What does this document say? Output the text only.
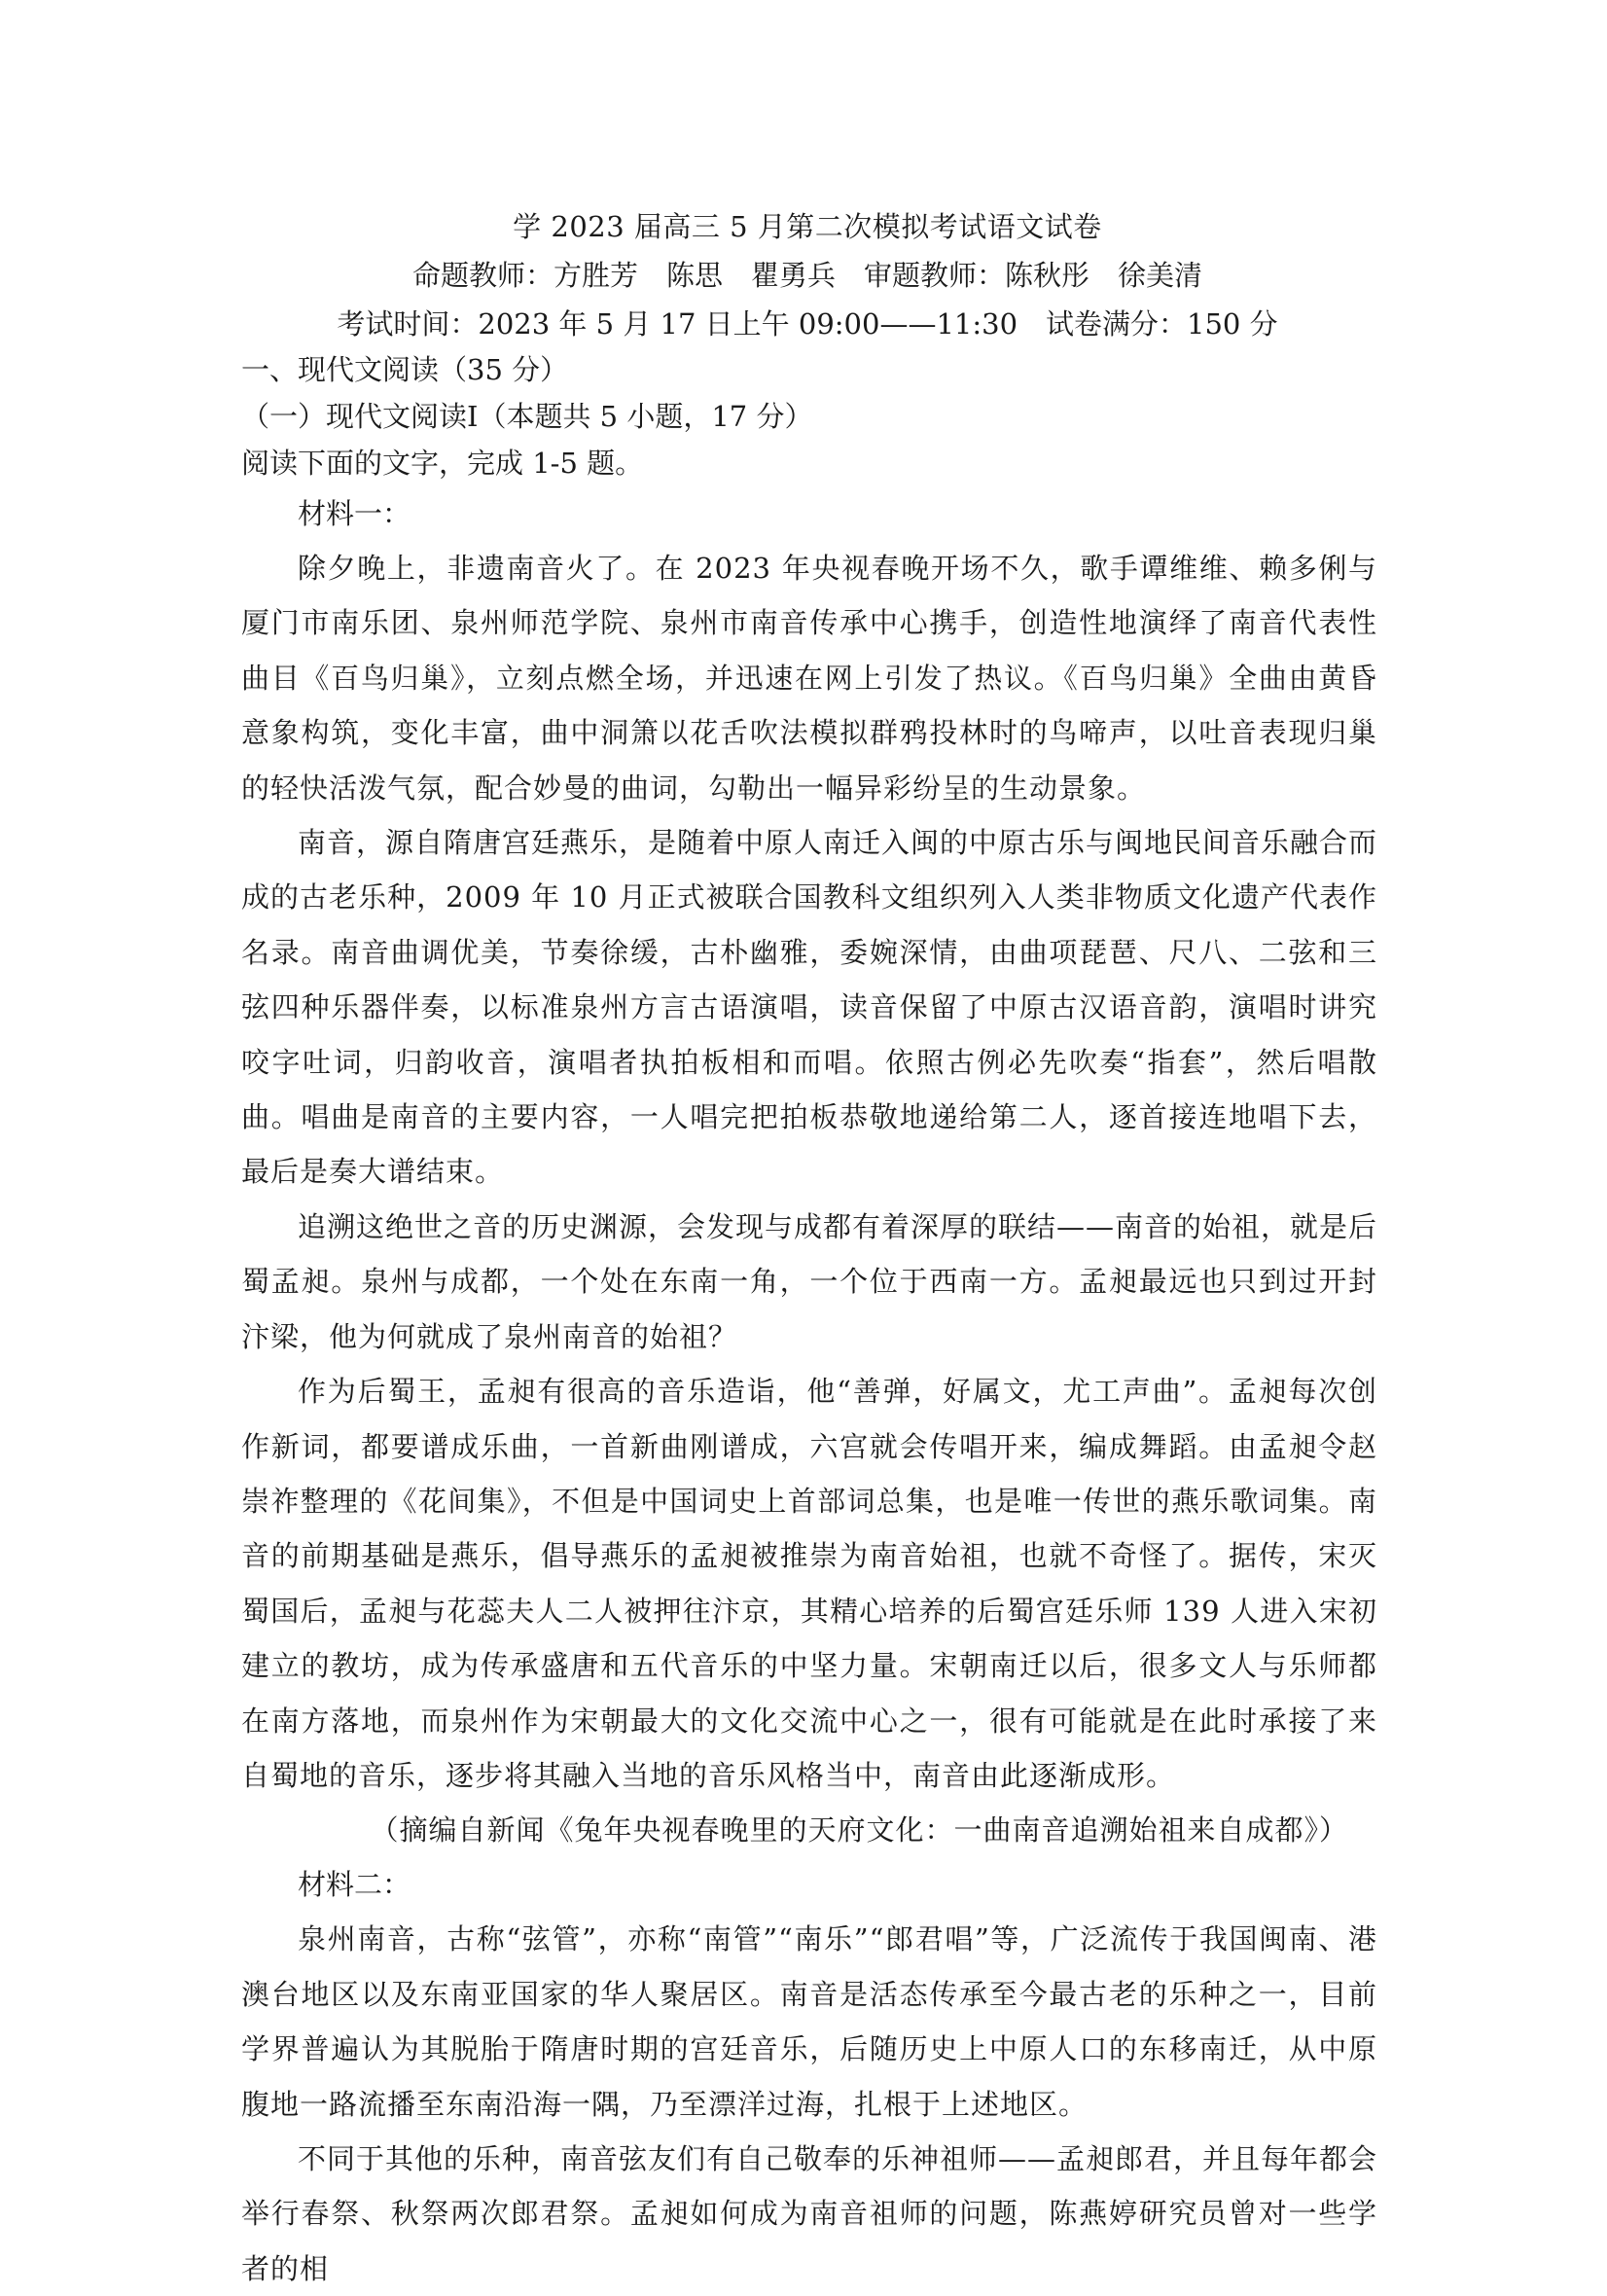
学 2023 届高三 5 月第二次模拟考试语文试卷

命题教师：方胜芳　陈思　瞿勇兵　审题教师：陈秋彤　徐美清

考试时间：2023 年 5 月 17 日上午 09:00——11:30　试卷满分：150 分

一、现代文阅读（35 分）

（一）现代文阅读Ⅰ（本题共 5 小题，17 分）

阅读下面的文字，完成 1-5 题。

材料一：

除夕晚上，非遗南音火了。在 2023 年央视春晚开场不久，歌手谭维维、赖多俐与厦门市南乐团、泉州师范学院、泉州市南音传承中心携手，创造性地演绎了南音代表性曲目《百鸟归巢》，立刻点燃全场，并迅速在网上引发了热议。《百鸟归巢》全曲由黄昏意象构筑，变化丰富，曲中洞箫以花舌吹法模拟群鸦投林时的鸟啼声，以吐音表现归巢的轻快活泼气氛，配合妙曼的曲词，勾勒出一幅异彩纷呈的生动景象。

南音，源自隋唐宫廷燕乐，是随着中原人南迁入闽的中原古乐与闽地民间音乐融合而成的古老乐种，2009 年 10 月正式被联合国教科文组织列入人类非物质文化遗产代表作名录。南音曲调优美，节奏徐缓，古朴幽雅，委婉深情，由曲项琵琶、尺八、二弦和三弦四种乐器伴奏，以标准泉州方言古语演唱，读音保留了中原古汉语音韵，演唱时讲究咬字吐词，归韵收音，演唱者执拍板相和而唱。依照古例必先吹奏“指套”，然后唱散曲。唱曲是南音的主要内容，一人唱完把拍板恭敬地递给第二人，逐首接连地唱下去，最后是奏大谱结束。

追溯这绝世之音的历史渊源，会发现与成都有着深厚的联结——南音的始祖，就是后蜀孟昶。泉州与成都，一个处在东南一角，一个位于西南一方。孟昶最远也只到过开封汴梁，他为何就成了泉州南音的始祖？

作为后蜀王，孟昶有很高的音乐造诣，他“善弹，好属文，尤工声曲”。孟昶每次创作新词，都要谱成乐曲，一首新曲刚谱成，六宫就会传唱开来，编成舞蹈。由孟昶令赵崇祚整理的《花间集》，不但是中国词史上首部词总集，也是唯一传世的燕乐歌词集。南音的前期基础是燕乐，倡导燕乐的孟昶被推崇为南音始祖，也就不奇怪了。据传，宋灭蜀国后，孟昶与花蕊夫人二人被押往汴京，其精心培养的后蜀宫廷乐师 139 人进入宋初建立的教坊，成为传承盛唐和五代音乐的中坚力量。宋朝南迁以后，很多文人与乐师都在南方落地，而泉州作为宋朝最大的文化交流中心之一，很有可能就是在此时承接了来自蜀地的音乐，逐步将其融入当地的音乐风格当中，南音由此逐渐成形。

（摘编自新闻《兔年央视春晚里的天府文化：一曲南音追溯始祖来自成都》）

材料二：

泉州南音，古称“弦管”，亦称“南管”“南乐”“郎君唱”等，广泛流传于我国闽南、港澳台地区以及东南亚国家的华人聚居区。南音是活态传承至今最古老的乐种之一，目前学界普遍认为其脱胎于隋唐时期的宫廷音乐，后随历史上中原人口的东移南迁，从中原腹地一路流播至东南沿海一隅，乃至漂洋过海，扎根于上述地区。

不同于其他的乐种，南音弦友们有自己敬奉的乐神祖师——孟昶郎君，并且每年都会举行春祭、秋祭两次郎君祭。孟昶如何成为南音祖师的问题，陈燕婷研究员曾对一些学者的相
